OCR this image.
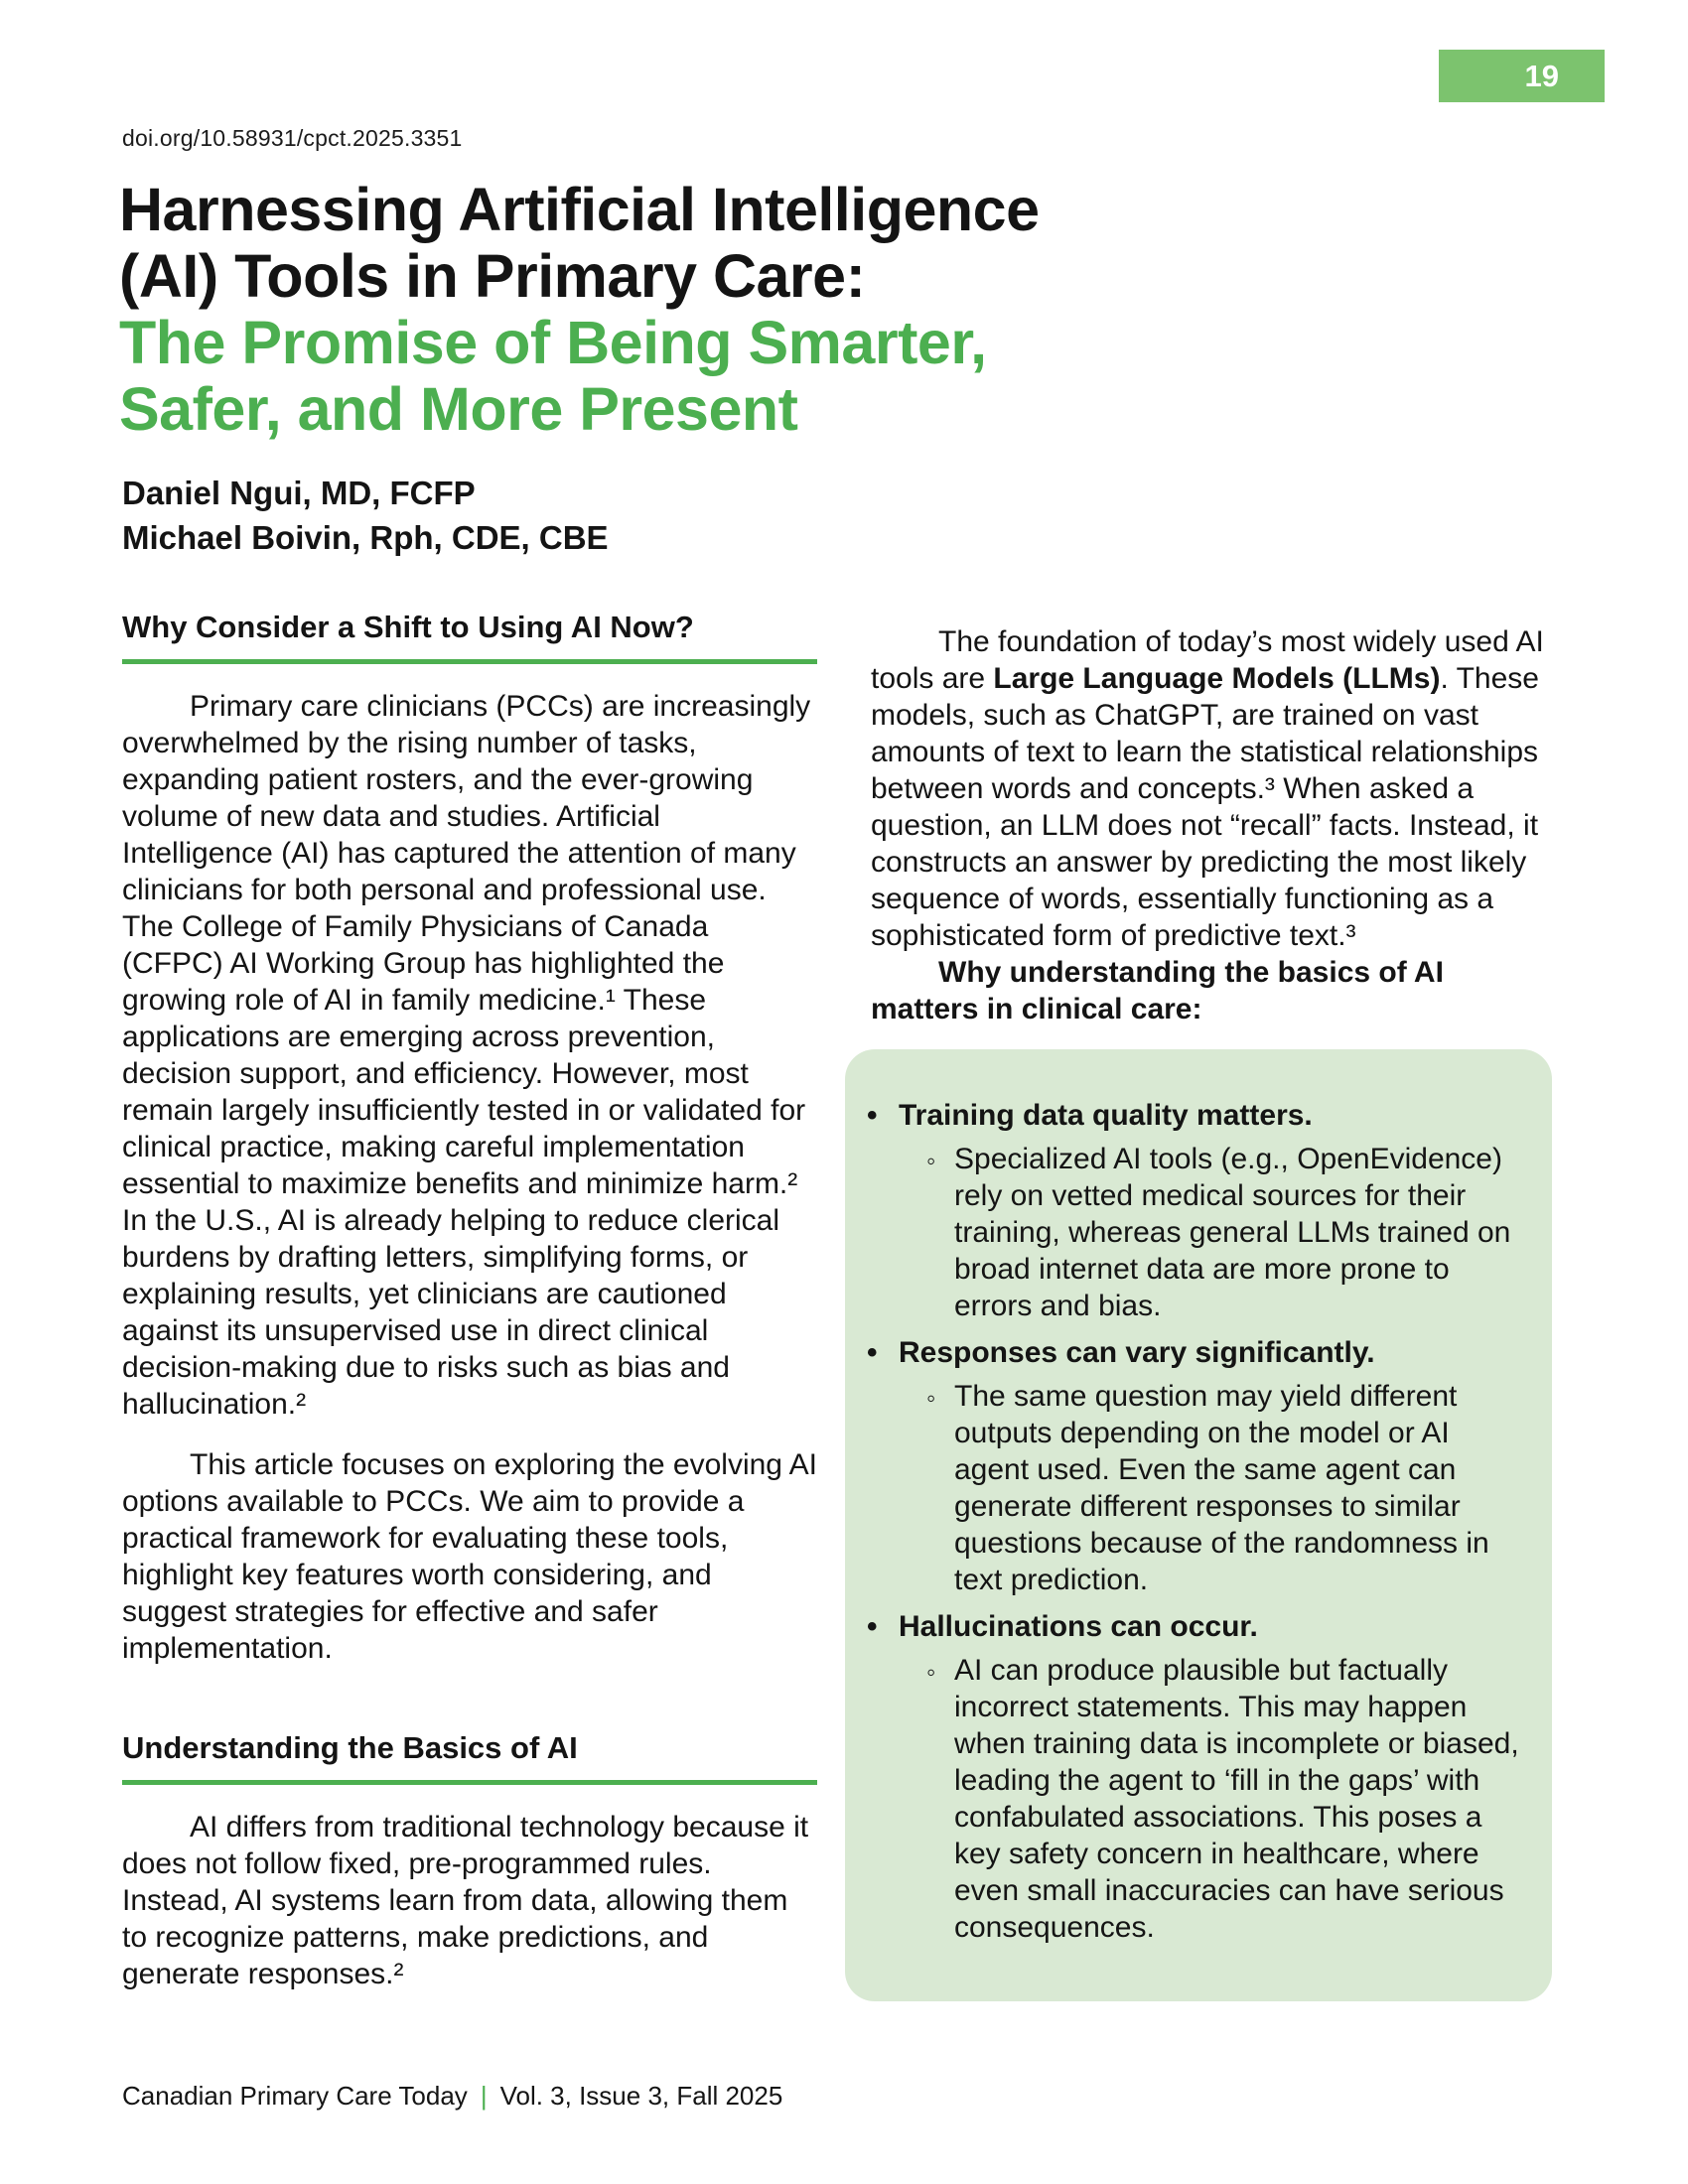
19
doi.org/10.58931/cpct.2025.3351
Harnessing Artificial Intelligence
(AI) Tools in Primary Care:
The Promise of Being Smarter,
Safer, and More Present
Daniel Ngui, MD, FCFP
Michael Boivin, Rph, CDE, CBE
Why Consider a Shift to Using AI Now?

Primary care clinicians (PCCs) are increasingly overwhelmed by the rising number of tasks, expanding patient rosters, and the ever-growing volume of new data and studies. Artificial Intelligence (AI) has captured the attention of many clinicians for both personal and professional use. The College of Family Physicians of Canada (CFPC) AI Working Group has highlighted the growing role of AI in family medicine.¹ These applications are emerging across prevention, decision support, and efficiency. However, most remain largely insufficiently tested in or validated for clinical practice, making careful implementation essential to maximize benefits and minimize harm.² In the U.S., AI is already helping to reduce clerical burdens by drafting letters, simplifying forms, or explaining results, yet clinicians are cautioned against its unsupervised use in direct clinical decision-making due to risks such as bias and hallucination.²

This article focuses on exploring the evolving AI options available to PCCs. We aim to provide a practical framework for evaluating these tools, highlight key features worth considering, and suggest strategies for effective and safer implementation.

Understanding the Basics of AI

AI differs from traditional technology because it does not follow fixed, pre-programmed rules. Instead, AI systems learn from data, allowing them to recognize patterns, make predictions, and generate responses.²

The foundation of today’s most widely used AI tools are Large Language Models (LLMs). These models, such as ChatGPT, are trained on vast amounts of text to learn the statistical relationships between words and concepts.³ When asked a question, an LLM does not “recall” facts. Instead, it constructs an answer by predicting the most likely sequence of words, essentially functioning as a sophisticated form of predictive text.³

Why understanding the basics of AI matters in clinical care:

• Training data quality matters.
◦ Specialized AI tools (e.g., OpenEvidence) rely on vetted medical sources for their training, whereas general LLMs trained on broad internet data are more prone to errors and bias.
• Responses can vary significantly.
◦ The same question may yield different outputs depending on the model or AI agent used. Even the same agent can generate different responses to similar questions because of the randomness in text prediction.
• Hallucinations can occur.
◦ AI can produce plausible but factually incorrect statements. This may happen when training data is incomplete or biased, leading the agent to ‘fill in the gaps’ with confabulated associations. This poses a key safety concern in healthcare, where even small inaccuracies can have serious consequences.
Canadian Primary Care Today | Vol. 3, Issue 3, Fall 2025
